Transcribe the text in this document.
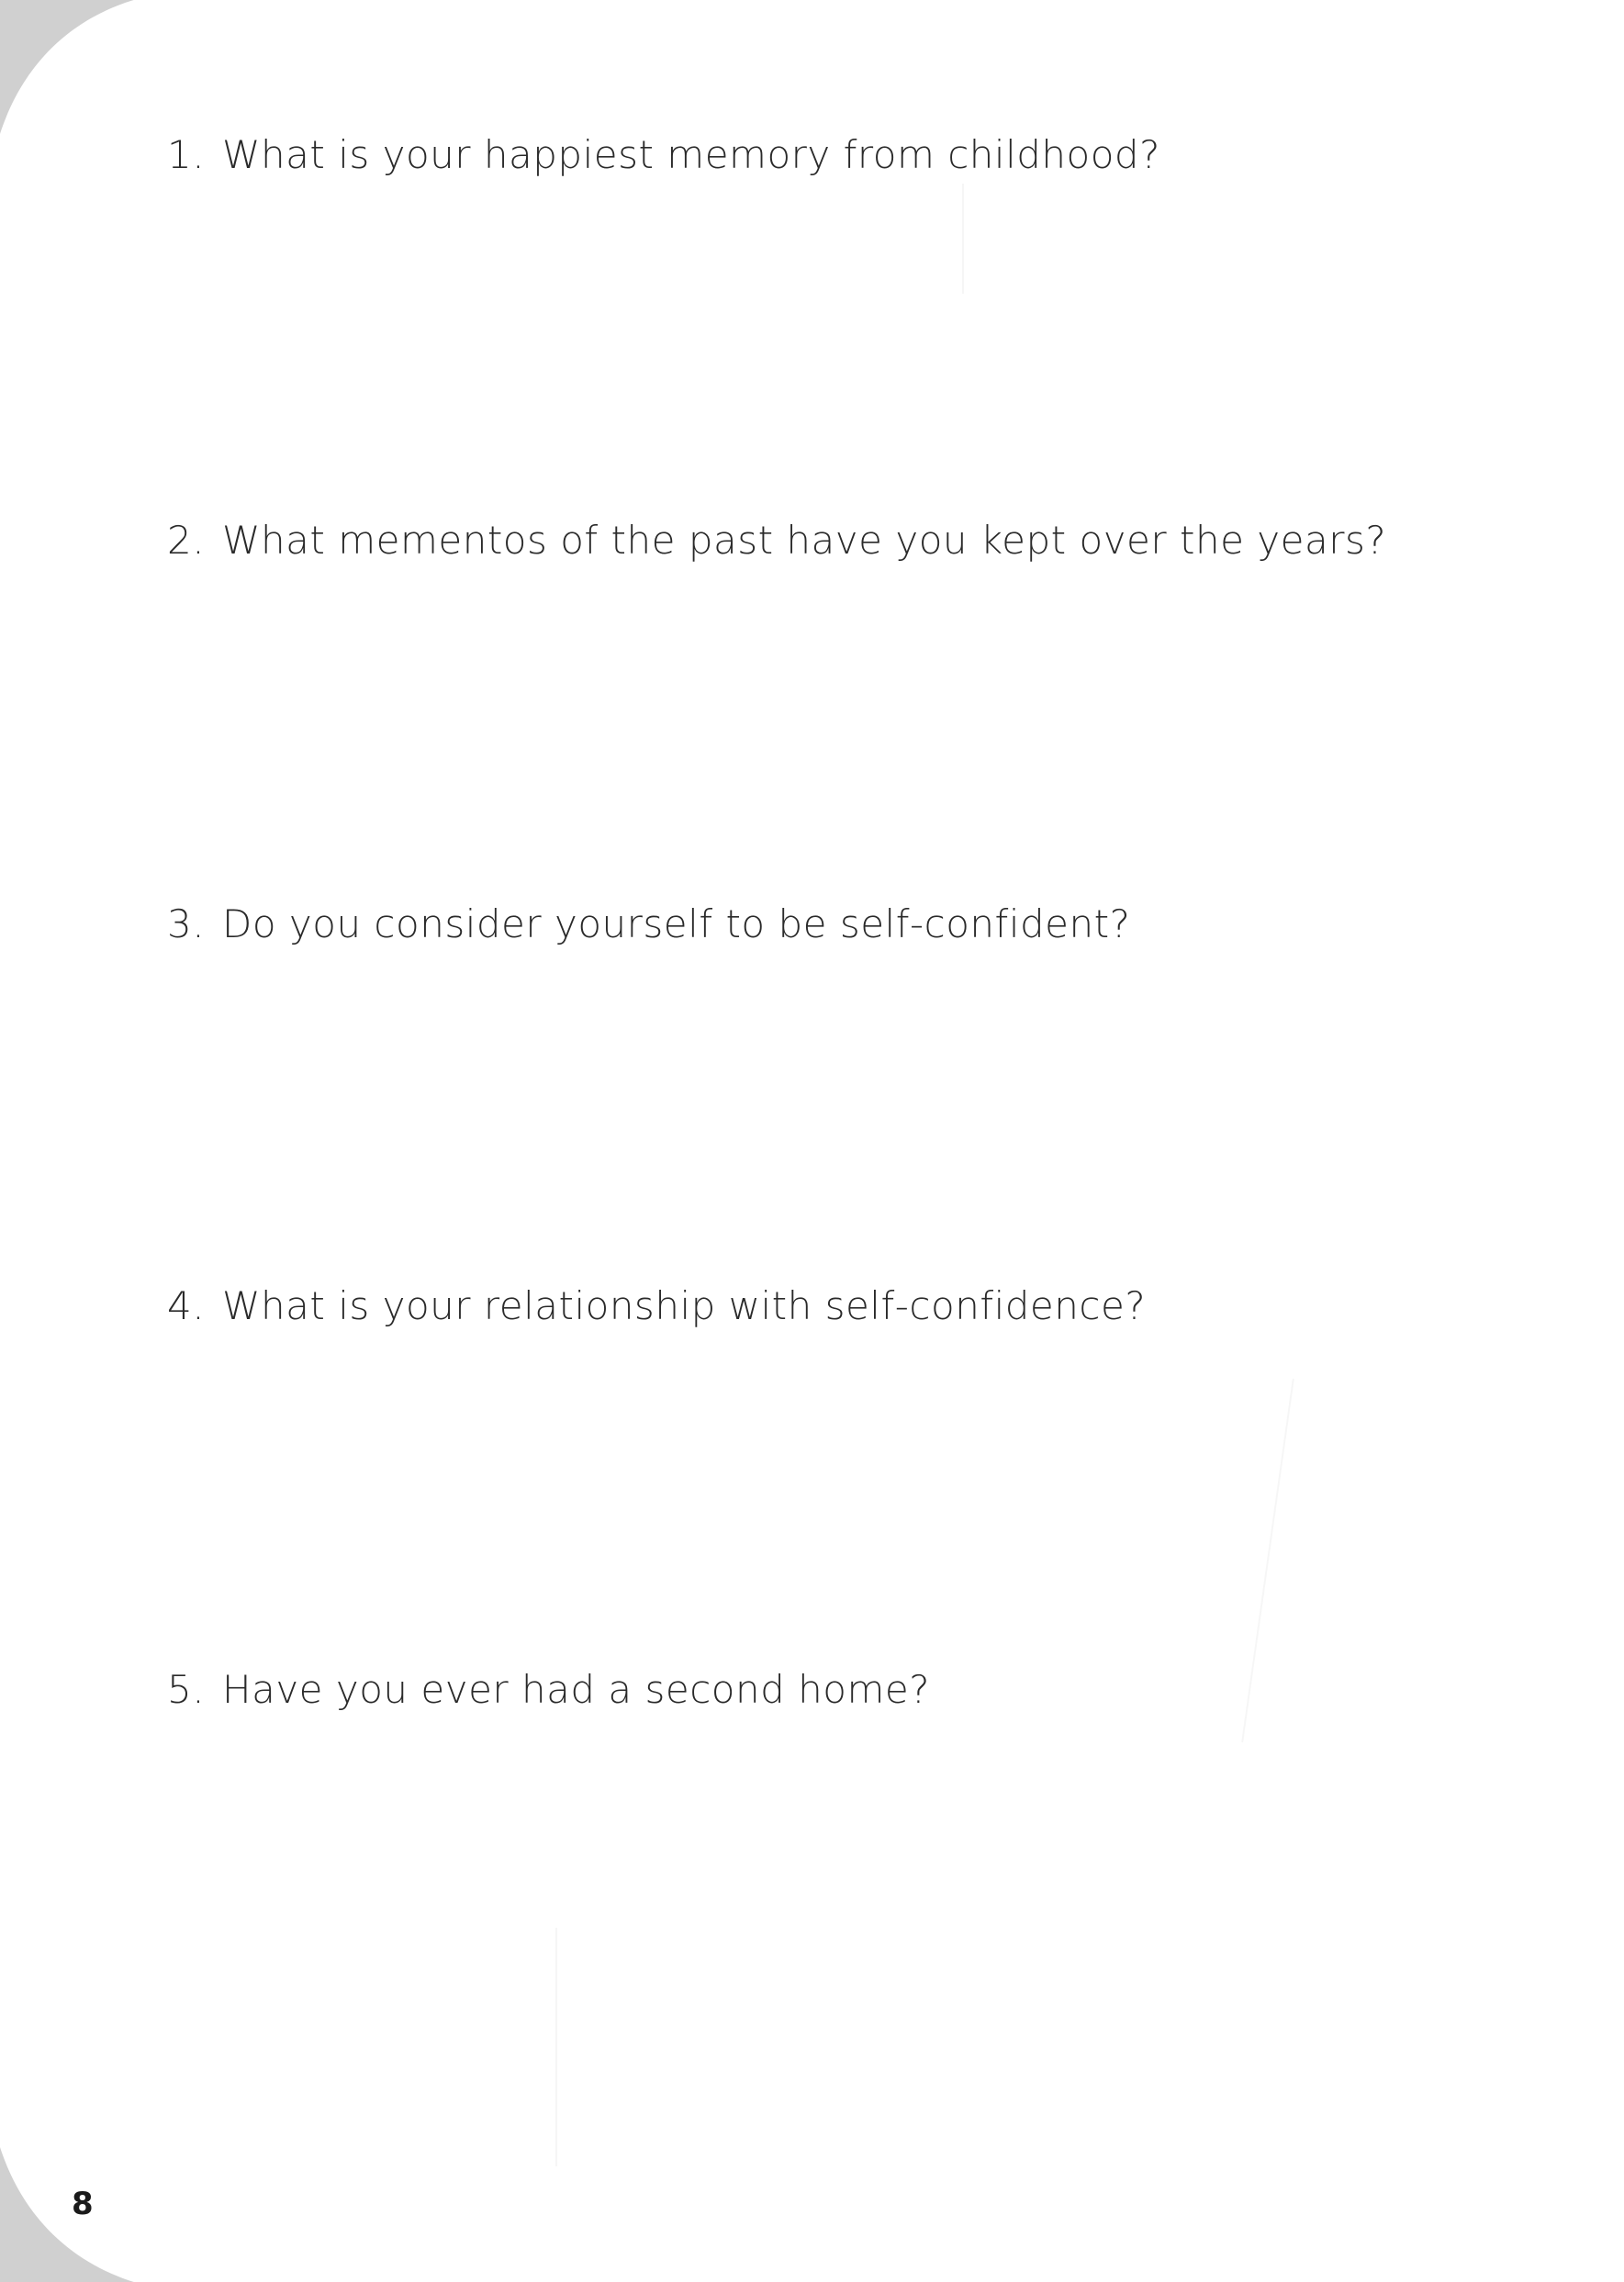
1. What is your happiest memory from childhood?
2. What mementos of the past have you kept over the years?
3. Do you consider yourself to be self-confident?
4. What is your relationship with self-confidence?
5. Have you ever had a second home?
8
